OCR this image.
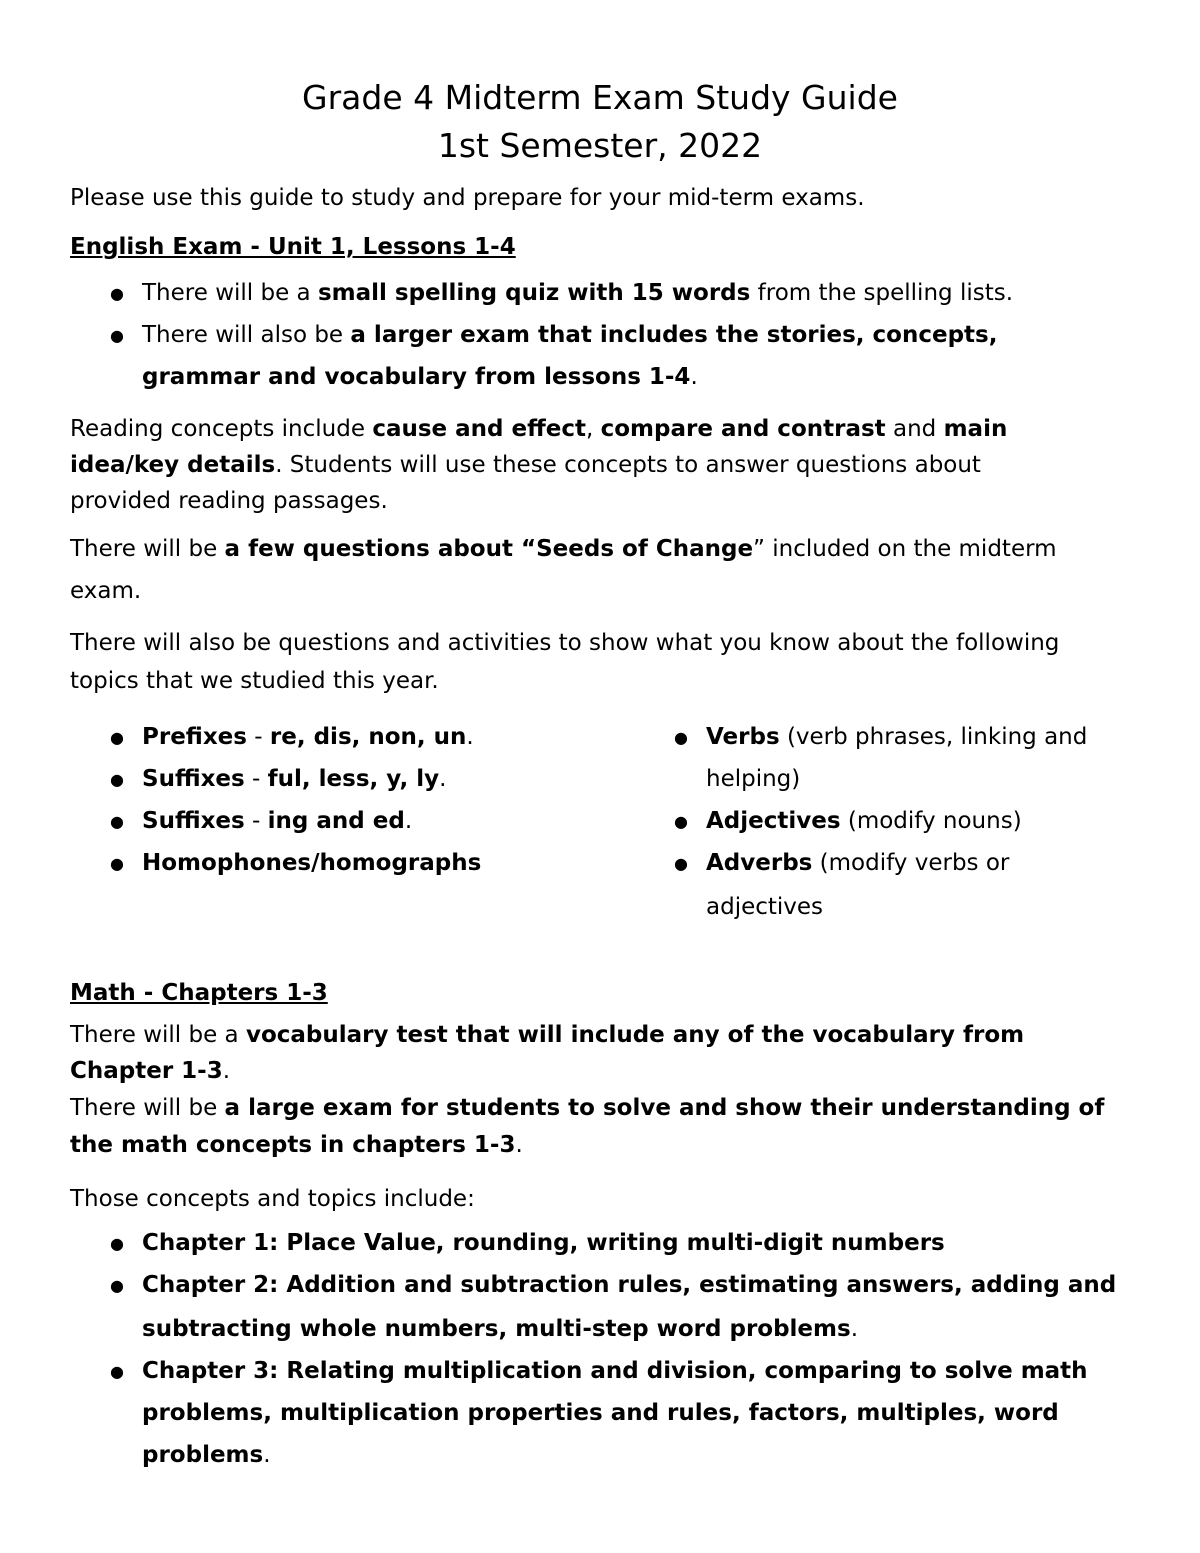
Grade 4 Midterm Exam Study Guide
1st Semester, 2022
Please use this guide to study and prepare for your mid-term exams.
English Exam - Unit 1, Lessons 1-4
● There will be a small spelling quiz with 15 words from the spelling lists.
● There will also be a larger exam that includes the stories, concepts,
grammar and vocabulary from lessons 1-4.
Reading concepts include cause and effect, compare and contrast and main
idea/key details. Students will use these concepts to answer questions about
provided reading passages.
There will be a few questions about “Seeds of Change” included on the midterm
exam.
There will also be questions and activities to show what you know about the following
topics that we studied this year.
● Prefixes - re, dis, non, un.
● Suffixes - ful, less, y, ly.
● Suffixes - ing and ed.
● Homophones/homographs
● Verbs (verb phrases, linking and
helping)
● Adjectives (modify nouns)
● Adverbs (modify verbs or
adjectives
Math - Chapters 1-3
There will be a vocabulary test that will include any of the vocabulary from
Chapter 1-3.
There will be a large exam for students to solve and show their understanding of
the math concepts in chapters 1-3.
Those concepts and topics include:
● Chapter 1: Place Value, rounding, writing multi-digit numbers
● Chapter 2: Addition and subtraction rules, estimating answers, adding and
subtracting whole numbers, multi-step word problems.
● Chapter 3: Relating multiplication and division, comparing to solve math
problems, multiplication properties and rules, factors, multiples, word
problems.
